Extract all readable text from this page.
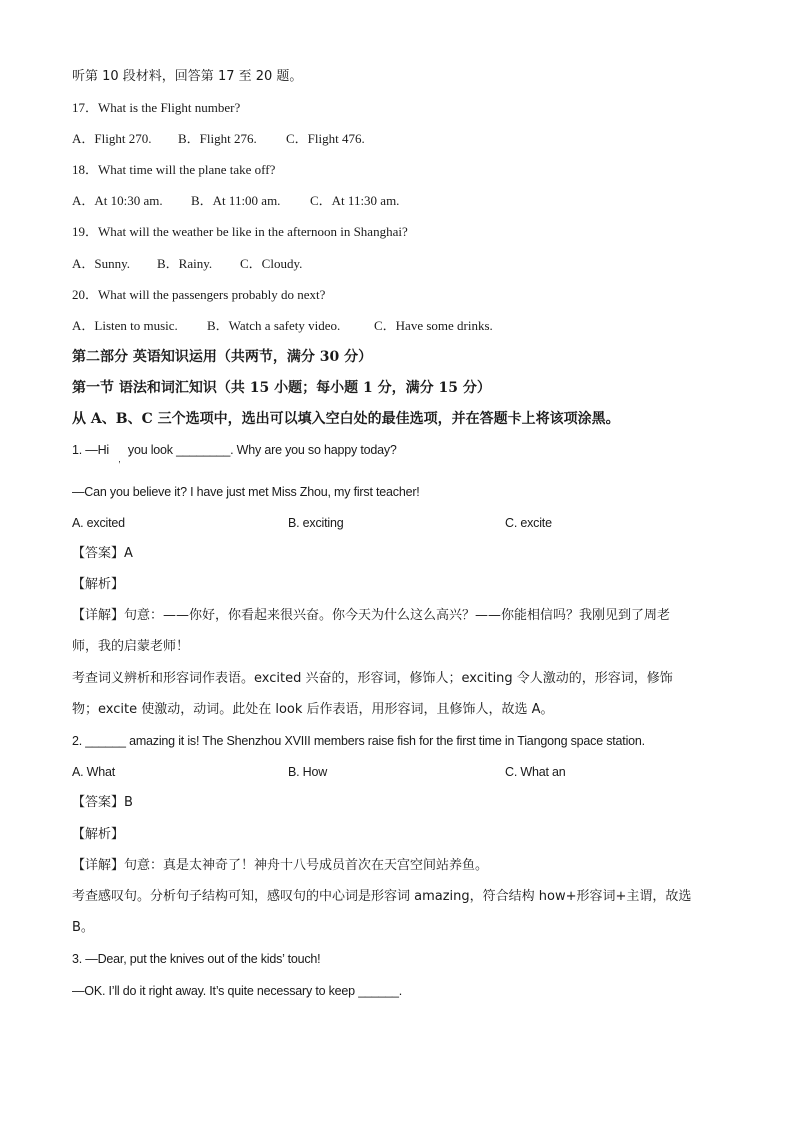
听第 10 段材料，回答第 17 至 20 题。
17．What is the Flight number?
A．Flight 270. B．Flight 276. C．Flight 476.
18．What time will the plane take off?
A．At 10:30 am. B．At 11:00 am. C．At 11:30 am.
19．What will the weather be like in the afternoon in Shanghai?
A．Sunny. B．Rainy. C．Cloudy.
20．What will the passengers probably do next?
A．Listen to music. B．Watch a safety video.	C．Have some drinks.
第二部分 英语知识运用（共两节，满分 30 分）
第一节 语法和词汇知识（共 15 小题；每小题 1 分，满分 15 分）
从 A、B、C 三个选项中，选出可以填入空白处的最佳选项，并在答题卡上将该项涂黑。
1. —Hi $_,$ you look ________. Why are you so happy today?
—Can you believe it? I have just met Miss Zhou, my first teacher!
A. excited	B. exciting	C. excite
【答案】A
【解析】
【详解】句意：——你好，你看起来很兴奋。你今天为什么这么高兴？——你能相信吗？我刚见到了周老
师，我的启蒙老师！
考查词义辨析和形容词作表语。excited 兴奋的，形容词，修饰人；exciting 令人激动的，形容词，修饰
物；excite 使激动，动词。此处在 look 后作表语，用形容词，且修饰人，故选 A。
2. ______ amazing it is! The Shenzhou XVIII members raise fish for the first time in Tiangong space station.
A. What	B. How	C. What an
【答案】B
【解析】
【详解】句意：真是太神奇了！神舟十八号成员首次在天宫空间站养鱼。
考查感叹句。分析句子结构可知，感叹句的中心词是形容词 amazing，符合结构 how+形容词+主谓，故选
B。
3. —Dear, put the knives out of the kids’ touch!
—OK. I’ll do it right away. It’s quite necessary to keep ______.
